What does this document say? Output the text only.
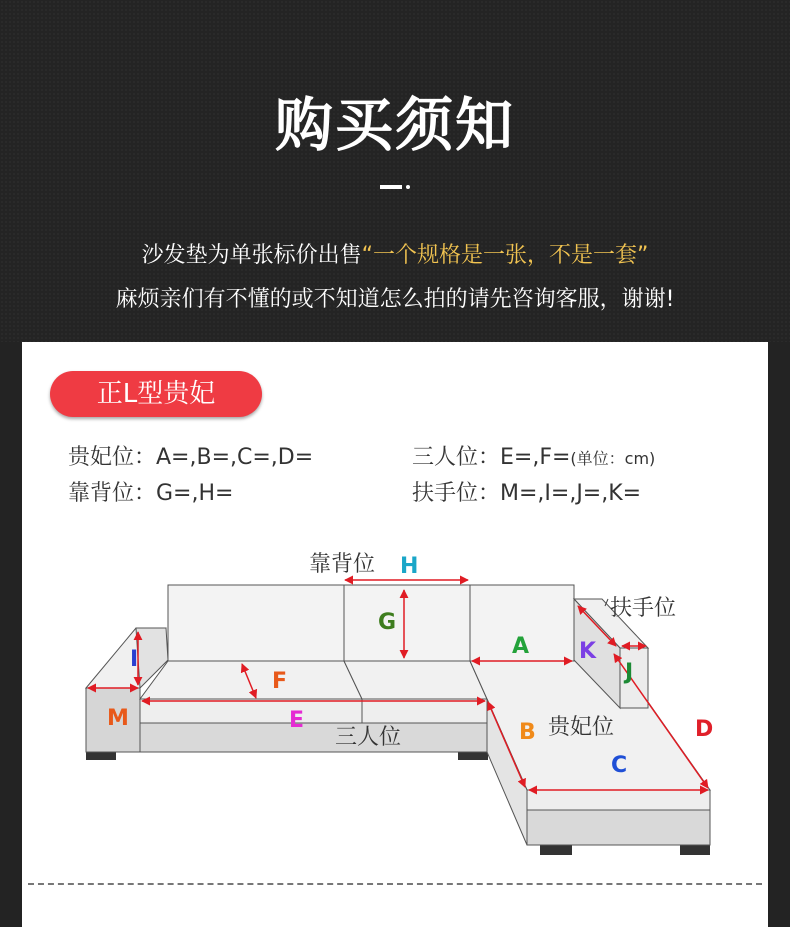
购买须知
沙发垫为单张标价出售“一个规格是一张，不是一套”
麻烦亲们有不懂的或不知道怎么拍的请先咨询客服，谢谢!
正L型贵妃
贵妃位：A=,B=,C=,D=	三人位：E=,F=(单位：cm)
靠背位：G=,H=	扶手位：M=,I=,J=,K=
靠背位
扶手位
贵妃位
三人位
H
G
A K
J
I
F
M	E	B	D
C
